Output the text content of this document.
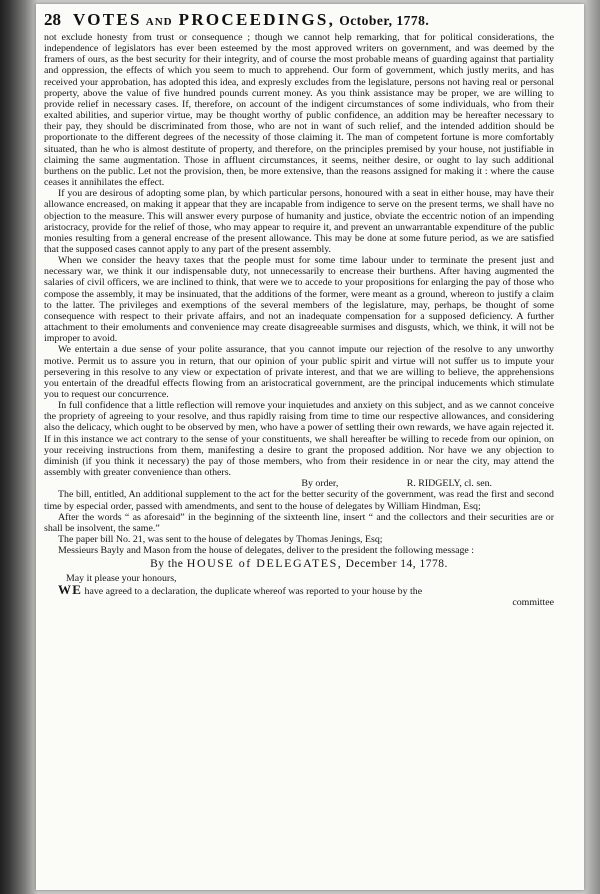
28 VOTES AND PROCEEDINGS, October, 1778.

not exclude honesty from trust or consequence ; though we cannot help remarking, that for political considerations, the independence of legislators has ever been esteemed by the most approved writers on government, and was deemed by the framers of ours, as the best security for their integrity, and of course the most probable means of guarding against that partiality and oppression, the effects of which you seem to much to apprehend. Our form of government, which justly merits, and has received your approbation, has adopted this idea, and expresly excludes from the legislature, persons not having real or personal property, above the value of five hundred pounds current money. As you think assistance may be proper, we are willing to provide relief in necessary cases. If, therefore, on account of the indigent circumstances of some individuals, who from their exalted abilities, and superior virtue, may be thought worthy of public confidence, an addition may be hereafter necessary to their pay, they should be discriminated from those, who are not in want of such relief, and the intended addition should be proportionate to the different degrees of the necessity of those claiming it. The man of competent fortune is more comfortably situated, than he who is almost destitute of property, and therefore, on the principles premised by your house, not justifiable in claiming the same augmentation. Those in affluent circumstances, it seems, neither desire, or ought to lay such additional burthens on the public. Let not the provision, then, be more extensive, than the reasons assigned for making it : where the cause ceases it annihilates the effect.

If you are desirous of adopting some plan, by which particular persons, honoured with a seat in either house, may have their allowance encreased, on making it appear that they are incapable from indigence to serve on the present terms, we shall have no objection to the measure. This will answer every purpose of humanity and justice, obviate the eccentric notion of an impending aristocracy, provide for the relief of those, who may appear to require it, and prevent an unwarrantable expenditure of the public monies resulting from a general encrease of the present allowance. This may be done at some future period, as we are satisfied that the supposed cases cannot apply to any part of the present assembly.

When we consider the heavy taxes that the people must for some time labour under to terminate the present just and necessary war, we think it our indispensable duty, not unnecessarily to encrease their burthens. After having augmented the salaries of civil officers, we are inclined to think, that were we to accede to your propositions for enlarging the pay of those who compose the assembly, it may be insinuated, that the additions of the former, were meant as a ground, whereon to justify a claim to the latter. The privileges and exemptions of the several members of the legislature, may, perhaps, be thought of some consequence with respect to their private affairs, and not an inadequate compensation for a supposed deficiency. A further attachment to their emoluments and convenience may create disagreeable surmises and disgusts, which, we think, it will not be improper to avoid.

We entertain a due sense of your polite assurance, that you cannot impute our rejection of the resolve to any unworthy motive. Permit us to assure you in return, that our opinion of your public spirit and virtue will not suffer us to impute your persevering in this resolve to any view or expectation of private interest, and that we are willing to believe, the apprehensions you entertain of the dreadful effects flowing from an aristocratical government, are the principal inducements which stimulate you to request our concurrence.

In full confidence that a little reflection will remove your inquietudes and anxiety on this subject, and as we cannot conceive the propriety of agreeing to your resolve, and thus rapidly raising from time to time our respective allowances, and considering also the delicacy, which ought to be observed by men, who have a power of settling their own rewards, we have again rejected it. If in this instance we act contrary to the sense of your constituents, we shall hereafter be willing to recede from our opinion, on your receiving instructions from them, manifesting a desire to grant the proposed addition. Nor have we any objection to diminish (if you think it necessary) the pay of those members, who from their residence in or near the city, may attend the assembly with greater convenience than others.

By order,	R. RIDGELY, cl. sen.

The bill, entitled, An additional supplement to the act for the better security of the government, was read the first and second time by especial order, passed with amendments, and sent to the house of delegates by William Hindman, Esq;

After the words “ as aforesaid” in the beginning of the sixteenth line, insert “ and the collectors and their securities are or shall be insolvent, the same.”

The paper bill No. 21, was sent to the house of delegates by Thomas Jenings, Esq;

Messieurs Bayly and Mason from the house of delegates, deliver to the president the following message :

By the HOUSE of DELEGATES, December 14, 1778.

May it please your honours,

WE have agreed to a declaration, the duplicate whereof was reported to your house by the

committee
